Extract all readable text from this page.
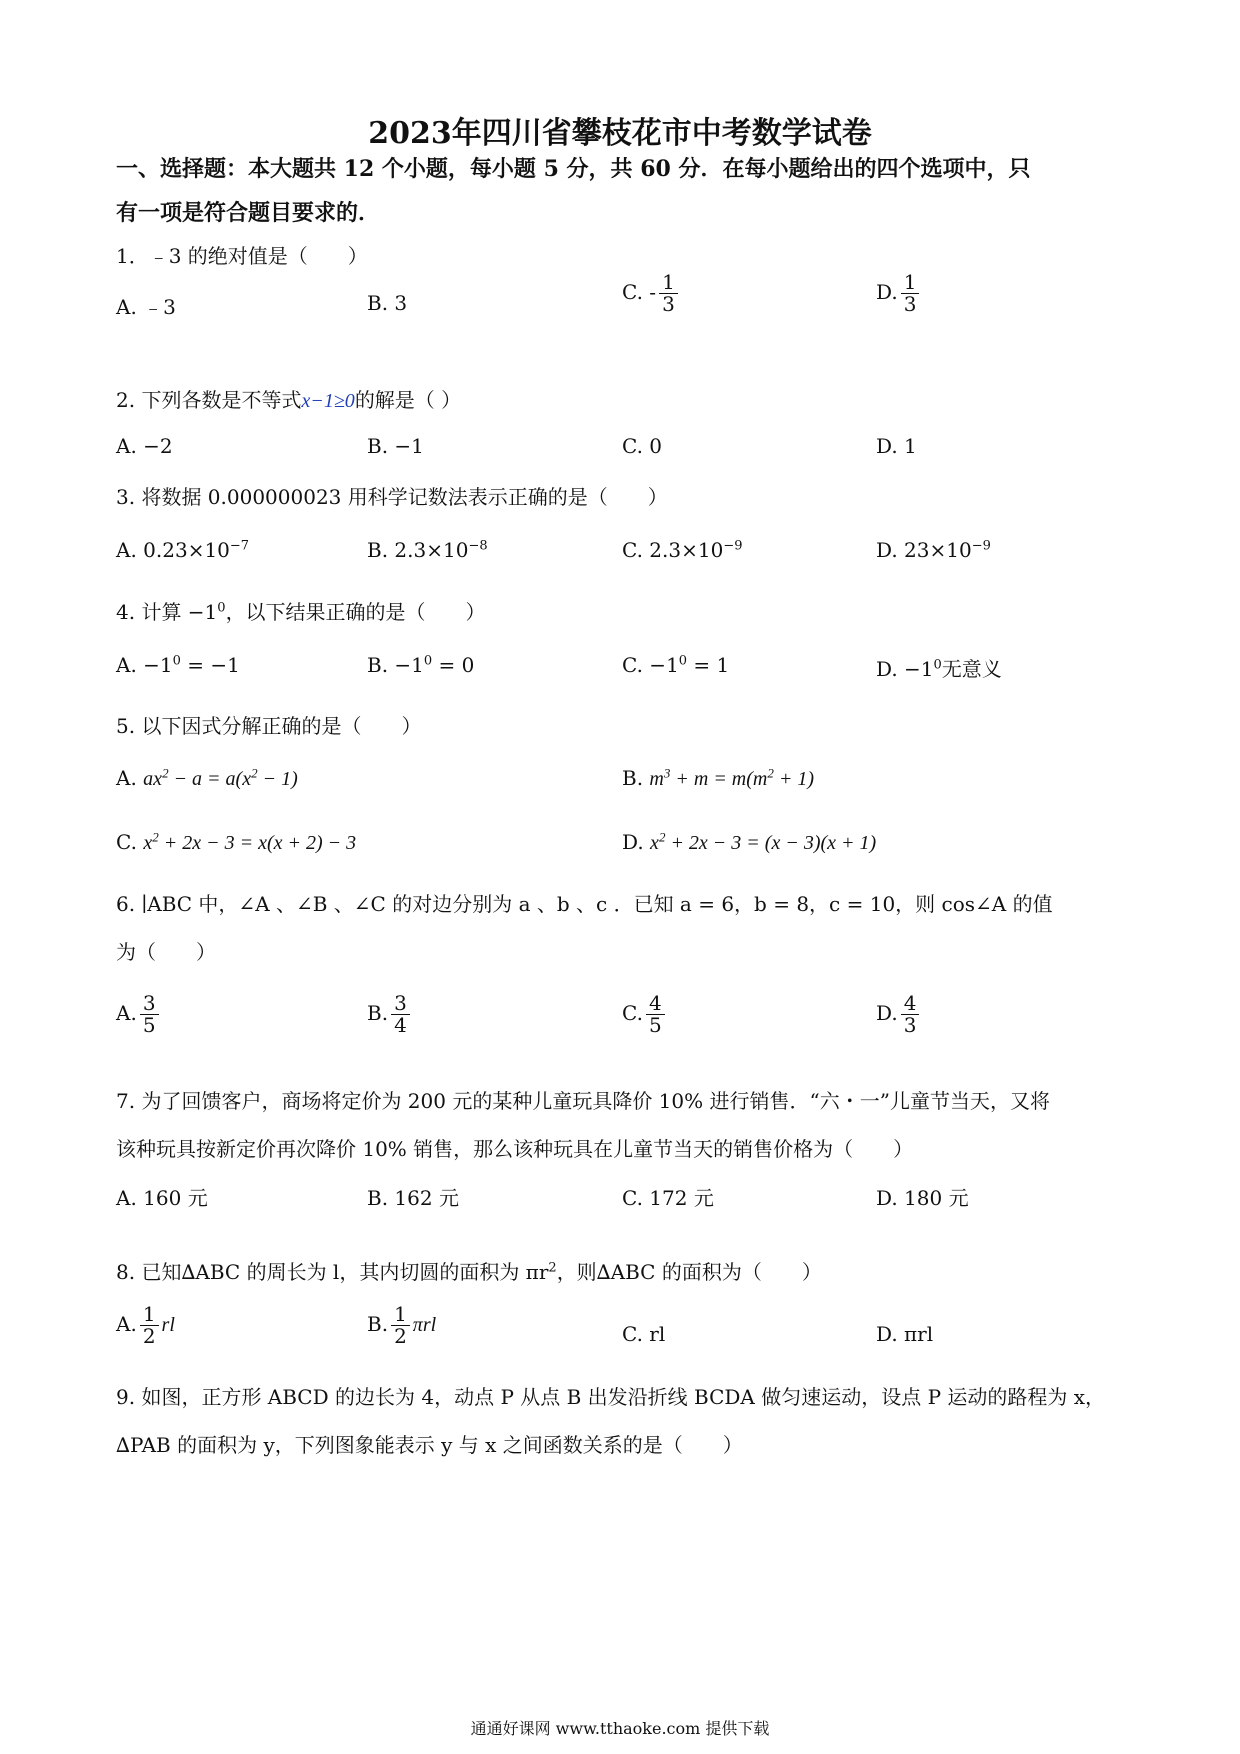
2023年四川省攀枝花市中考数学试卷
一、选择题：本大题共 12 个小题，每小题 5 分，共 60 分．在每小题给出的四个选项中，只
有一项是符合题目要求的．
1．﹣3 的绝对值是（　　）
A. ﹣3	B. 3	C. - $\frac{1}{3}$	D. $\frac{1}{3}$
2. 下列各数是不等式x−1≥0的解是（ ）
A. −2	B. −1	C. 0	D. 1
3. 将数据 0.000000023 用科学记数法表示正确的是（　　）
A. $0.23\times 10^{-7}$	B. $2.3\times 10^{-8}$	C. $2.3\times 10^{-9}$	D. $23\times 10^{-9}$
4. 计算 $-1^0$，以下结果正确的是（　　）
A. $-1^0 = -1$	B. $-1^0 = 0$	C. $-1^0 = 1$	D. $-1^0$无意义
5. 以下因式分解正确的是（　　）
A. $ax^2 - a = a(x^2 - 1)$	B. $m^3 + m = m(m^2 + 1)$
C. $x^2 + 2x - 3 = x(x + 2) - 3$	D. $x^2 + 2x - 3 = (x - 3)(x + 1)$
6. ∣ABC 中，∠A 、∠B 、∠C 的对边分别为 a 、b 、c ．已知 a = 6，b = 8，c = 10，则 cos∠A 的值
为（　　）
A. $\frac{3}{5}$	B. $\frac{3}{4}$	C. $\frac{4}{5}$	D. $\frac{4}{3}$
7. 为了回馈客户，商场将定价为 200 元的某种儿童玩具降价 10% 进行销售．“六・一”儿童节当天，又将
该种玩具按新定价再次降价 10% 销售，那么该种玩具在儿童节当天的销售价格为（　　）
A. 160 元	B. 162 元	C. 172 元	D. 180 元
8. 已知∆ABC 的周长为 l，其内切圆的面积为 $\pi r^2$，则∆ABC 的面积为（　　）
A. $\frac{1}{2}$ rl	B. $\frac{1}{2}$ πrl	C. rl	D. πrl
9. 如图，正方形 ABCD 的边长为 4，动点 P 从点 B 出发沿折线 BCDA 做匀速运动，设点 P 运动的路程为 x，
∆PAB 的面积为 y，下列图象能表示 y 与 x 之间函数关系的是（　　）
通通好课网 www.tthaoke.com 提供下载
